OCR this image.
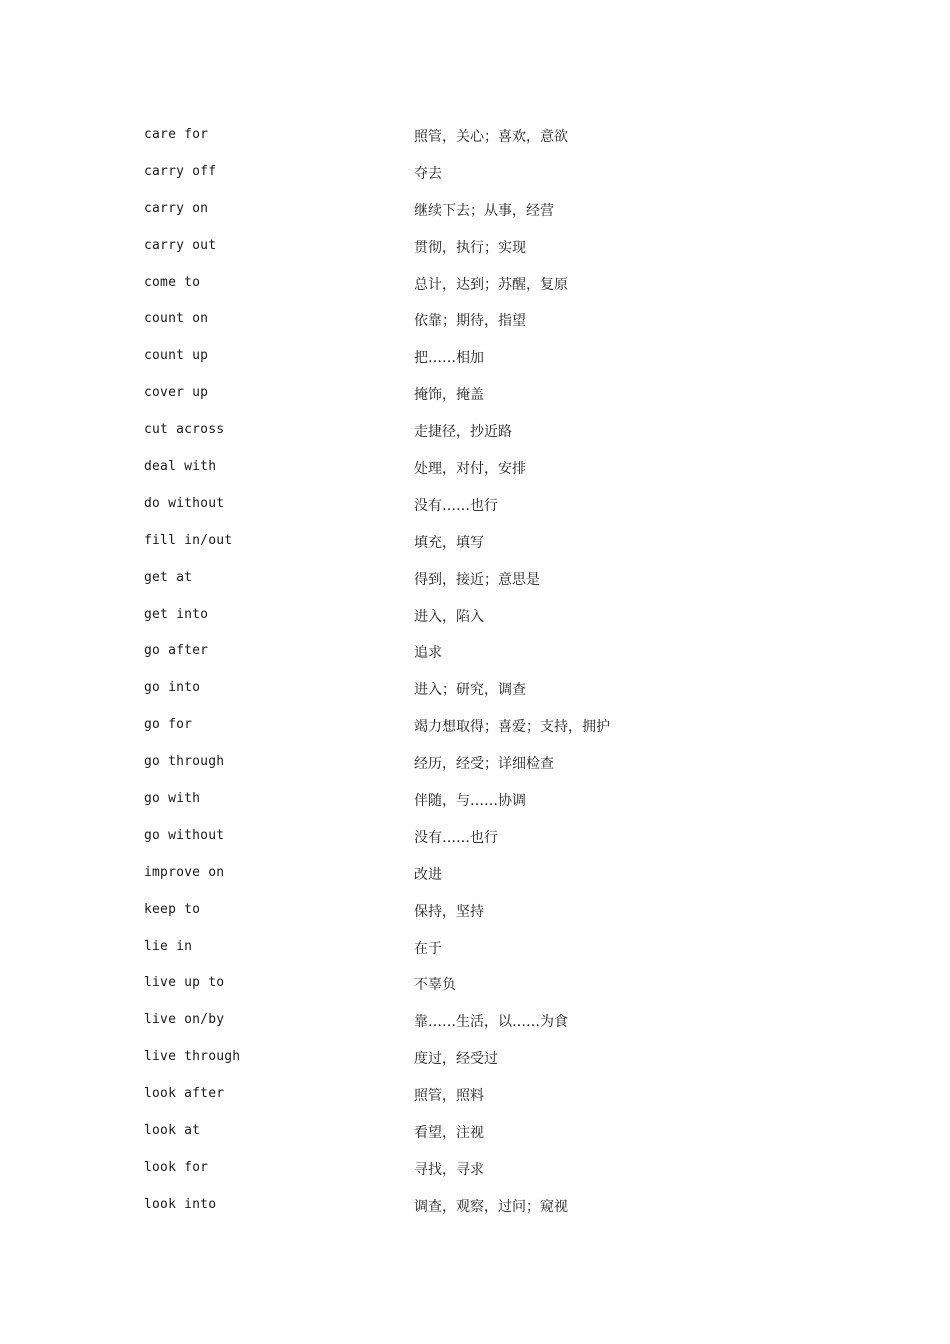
care for	照管，关心；喜欢，意欲
carry off	夺去
carry on	继续下去；从事，经营
carry out	贯彻，执行；实现
come to	总计，达到；苏醒，复原
count on	依靠；期待，指望
count up	把……相加
cover up	掩饰，掩盖
cut across	走捷径，抄近路
deal with	处理，对付，安排
do without	没有……也行
fill in/out	填充，填写
get at	得到，接近；意思是
get into	进入，陷入
go after	追求
go into	进入；研究，调查
go for	竭力想取得；喜爱；支持，拥护
go through	经历，经受；详细检查
go with	伴随，与……协调
go without	没有……也行
improve on	改进
keep to	保持，坚持
lie in	在于
live up to	不辜负
live on/by	靠……生活，以……为食
live through	度过，经受过
look after	照管，照料
look at	看望，注视
look for	寻找，寻求
look into	调查，观察，过问；窥视
